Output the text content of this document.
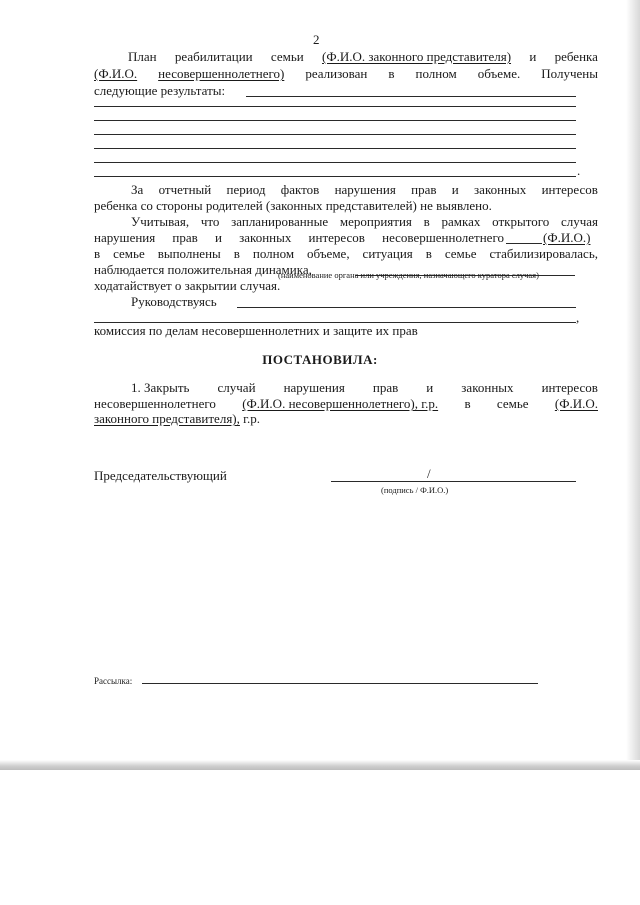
2
План реабилитации семьи (Ф.И.О. законного представителя) и ребенка
(Ф.И.О. несовершеннолетнего) реализован в полном объеме. Получены
следующие результаты:
.
За отчетный период фактов нарушения прав и законных интересов
ребенка со стороны родителей (законных представителей) не выявлено.
Учитывая, что запланированные мероприятия в рамках открытого случая
нарушения прав и законных интересов несовершеннолетнего	(Ф.И.О.)
в семье выполнены в полном объеме, ситуация в семье стабилизировалась,
наблюдается положительная динамика,
(наименование органа или учреждения, назначающего куратора случая)
ходатайствует о закрытии случая.
Руководствуясь
,
комиссия по делам несовершеннолетних и защите их прав
ПОСТАНОВИЛА:
1. Закрыть случай нарушения прав и законных интересов
несовершеннолетнего (Ф.И.О. несовершеннолетнего), г.р. в семье (Ф.И.О.
законного представителя), г.р.
Председательствующий	/
(подпись / Ф.И.О.)
Рассылка:
